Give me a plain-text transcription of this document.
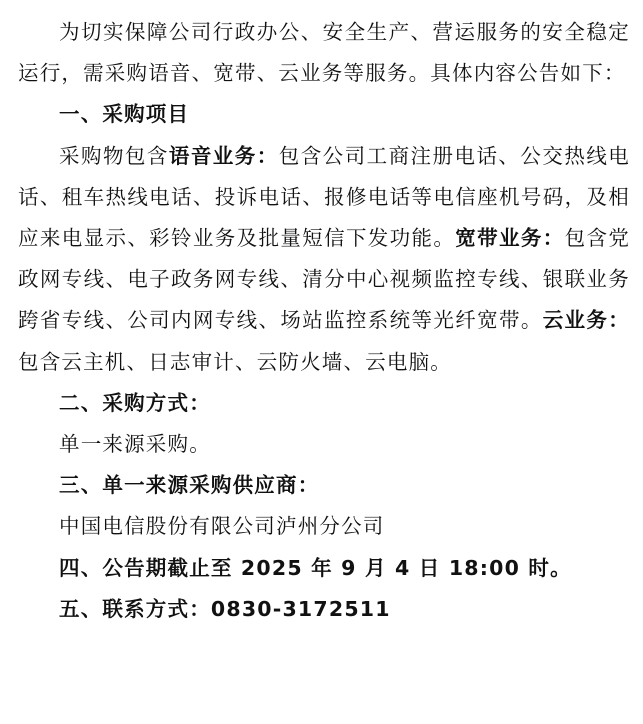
为切实保障公司行政办公、安全生产、营运服务的安全稳定运行，需采购语音、宽带、云业务等服务。具体内容公告如下：

一、采购项目

采购物包含语音业务：包含公司工商注册电话、公交热线电话、租车热线电话、投诉电话、报修电话等电信座机号码，及相应来电显示、彩铃业务及批量短信下发功能。宽带业务：包含党政网专线、电子政务网专线、清分中心视频监控专线、银联业务跨省专线、公司内网专线、场站监控系统等光纤宽带。云业务：包含云主机、日志审计、云防火墙、云电脑。

二、采购方式：

单一来源采购。

三、单一来源采购供应商：

中国电信股份有限公司泸州分公司

四、公告期截止至 2025 年 9 月 4 日 18:00 时。

五、联系方式：0830-3172511
